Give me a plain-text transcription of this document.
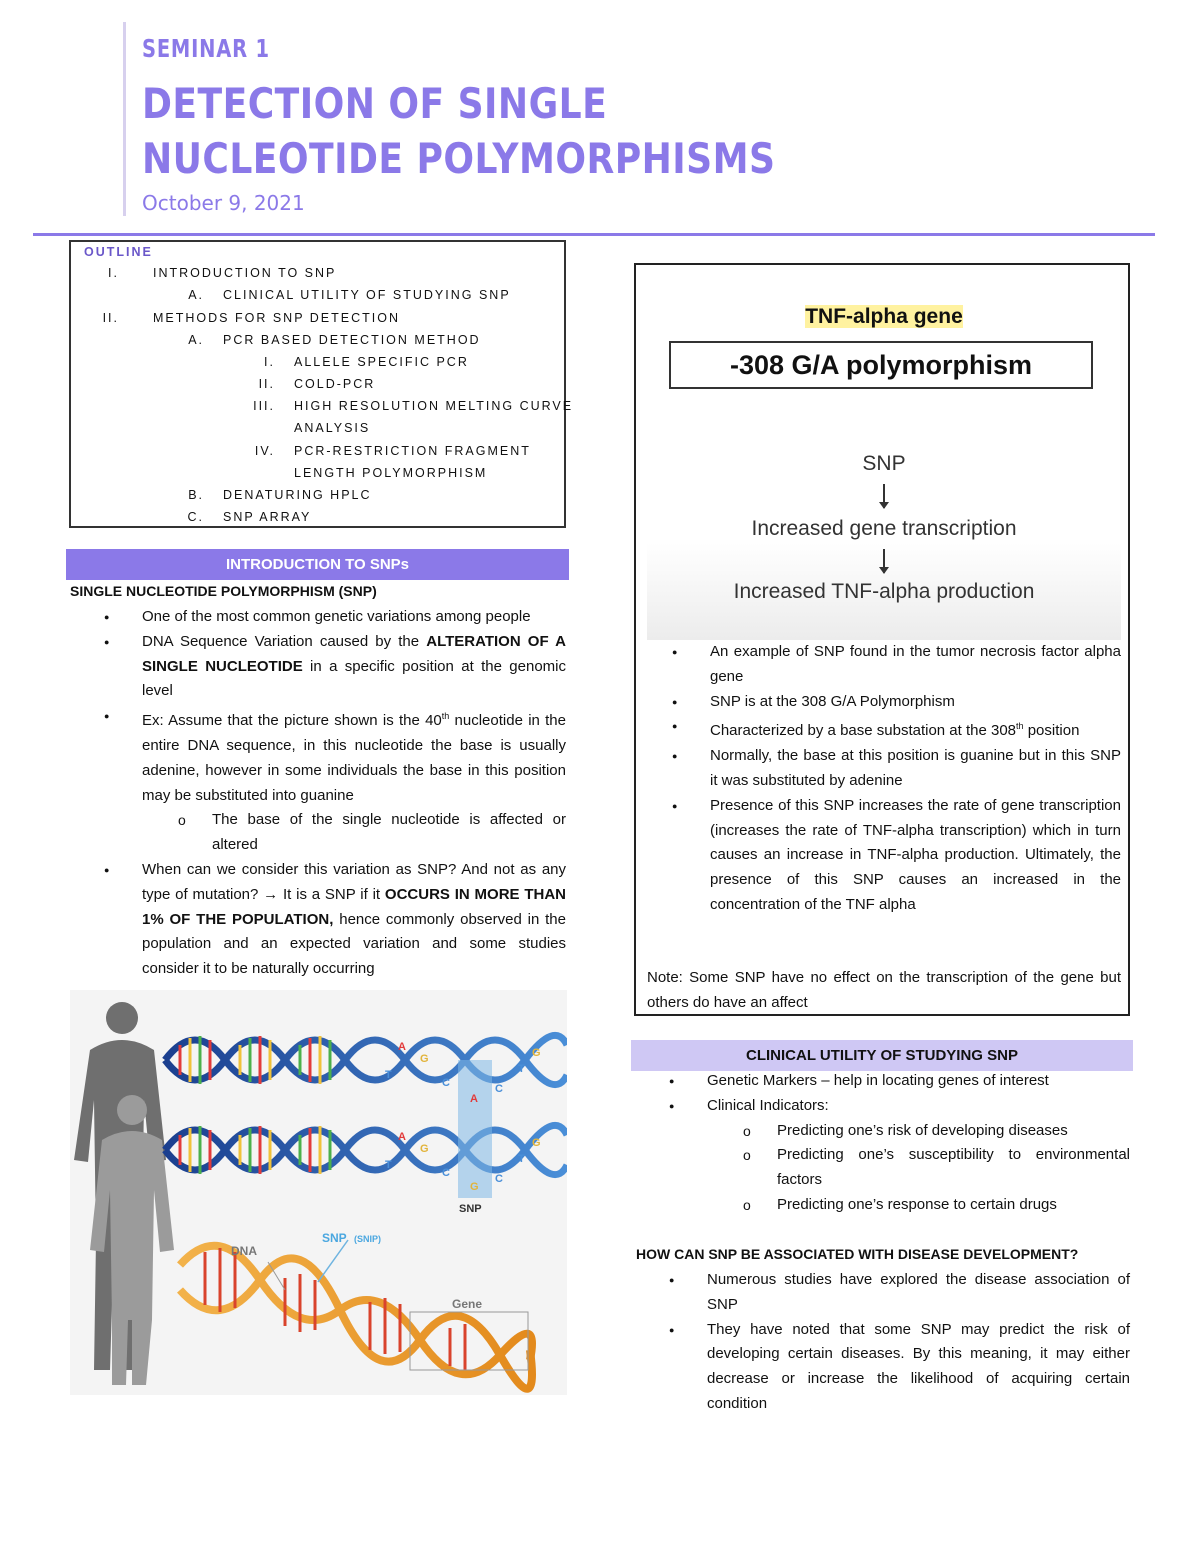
SEMINAR 1
DETECTION OF SINGLE NUCLEOTIDE POLYMORPHISMS
October 9, 2021
OUTLINE
I.	INTRODUCTION TO SNP
A. CLINICAL UTILITY OF STUDYING SNP
II.	METHODS FOR SNP DETECTION
A. PCR BASED DETECTION METHOD
I. ALLELE SPECIFIC PCR
II. COLD-PCR
III. HIGH RESOLUTION MELTING CURVE
ANALYSIS
IV. PCR-RESTRICTION FRAGMENT
LENGTH POLYMORPHISM
B. DENATURING HPLC
C. SNP ARRAY
INTRODUCTION TO SNPs
SINGLE NUCLEOTIDE POLYMORPHISM (SNP)
● One of the most common genetic variations among people
● DNA Sequence Variation caused by the ALTERATION OF A SINGLE NUCLEOTIDE in a specific position at the genomic level
● Ex: Assume that the picture shown is the 40th nucleotide in the entire DNA sequence, in this nucleotide the base is usually adenine, however in some individuals the base in this position may be substituted into guanine
o The base of the single nucleotide is affected or altered
● When can we consider this variation as SNP? And not as any type of mutation? → It is a SNP if it OCCURS IN MORE THAN 1% OF THE POPULATION, hence commonly observed in the population and an expected variation and some studies consider it to be naturally occurring
T
A
G
C
A
C
T
G
T
A
G
C
G
C
T
G
SNP
DNA
SNP (SNIP)
Gene
TNF-alpha gene
-308 G/A polymorphism
SNP
Increased gene transcription
Increased TNF-alpha production
● An example of SNP found in the tumor necrosis factor alpha gene
● SNP is at the 308 G/A Polymorphism
● Characterized by a base substation at the 308th position
● Normally, the base at this position is guanine but in this SNP it was substituted by adenine
● Presence of this SNP increases the rate of gene transcription (increases the rate of TNF-alpha transcription) which in turn causes an increase in TNF-alpha production. Ultimately, the presence of this SNP causes an increased in the concentration of the TNF alpha
Note: Some SNP have no effect on the transcription of the gene but others do have an affect
CLINICAL UTILITY OF STUDYING SNP
● Genetic Markers – help in locating genes of interest
● Clinical Indicators:
o Predicting one’s risk of developing diseases
o Predicting one’s susceptibility to environmental factors
o Predicting one’s response to certain drugs
HOW CAN SNP BE ASSOCIATED WITH DISEASE DEVELOPMENT?
● Numerous studies have explored the disease association of SNP
● They have noted that some SNP may predict the risk of developing certain diseases. By this meaning, it may either decrease or increase the likelihood of acquiring certain condition
